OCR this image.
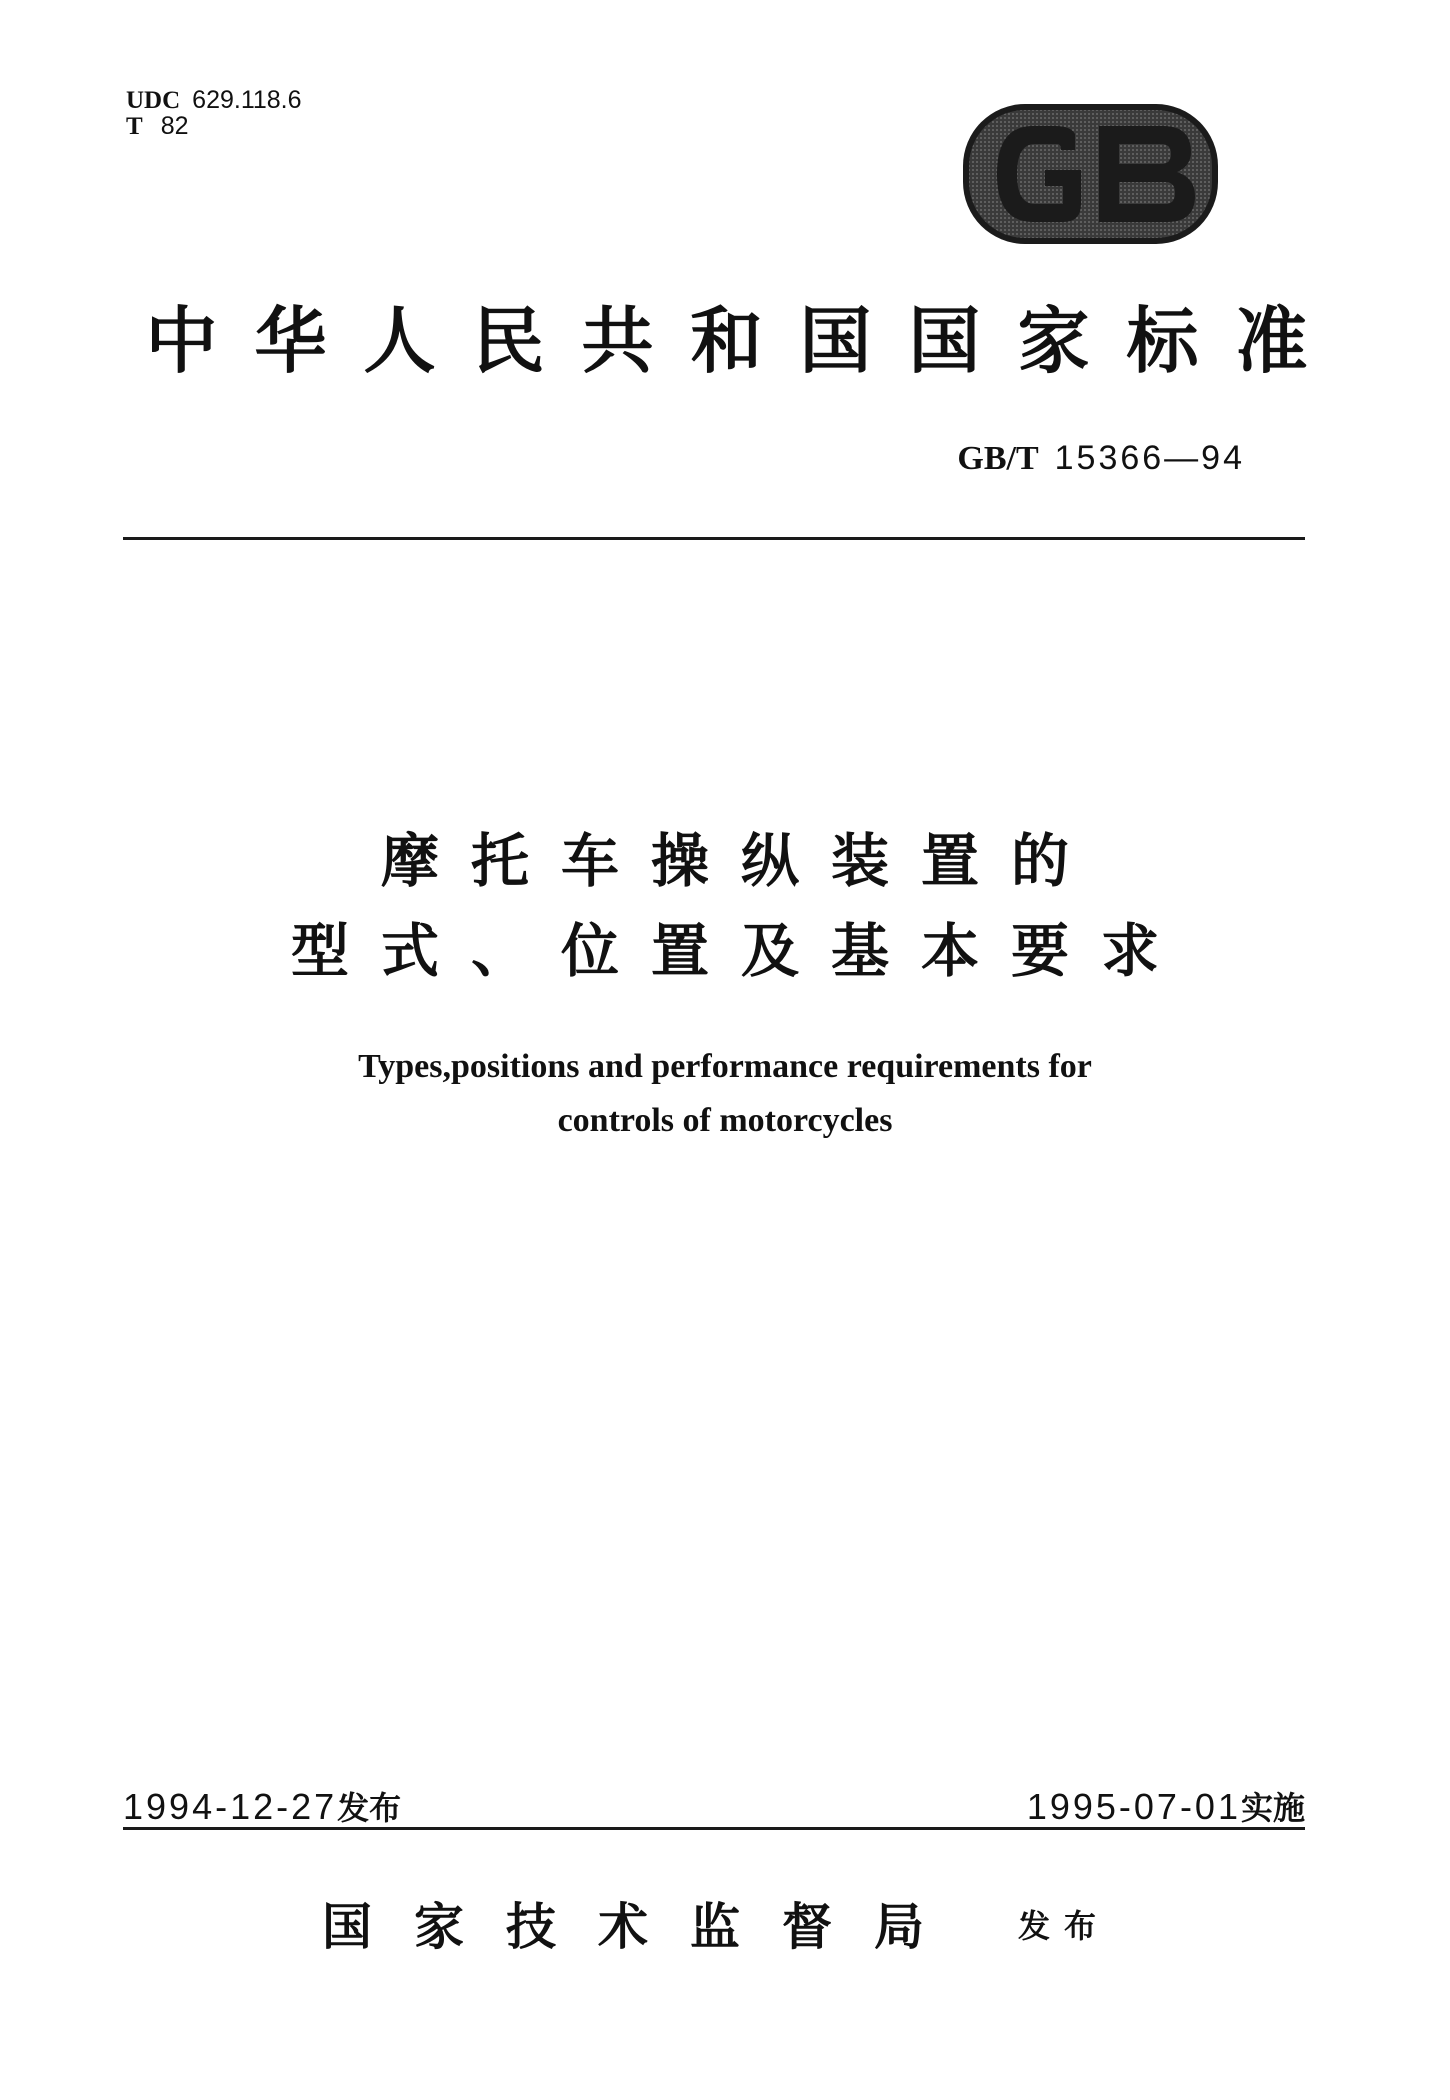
UDC 629.118.6
T 82
中华人民共和国国家标准
GB/T 15366—94
摩托车操纵装置的
型式、位置及基本要求
Types,positions and performance requirements for
controls of motorcycles
1994-12-27发布	1995-07-01实施
国家技术监督局 发布
